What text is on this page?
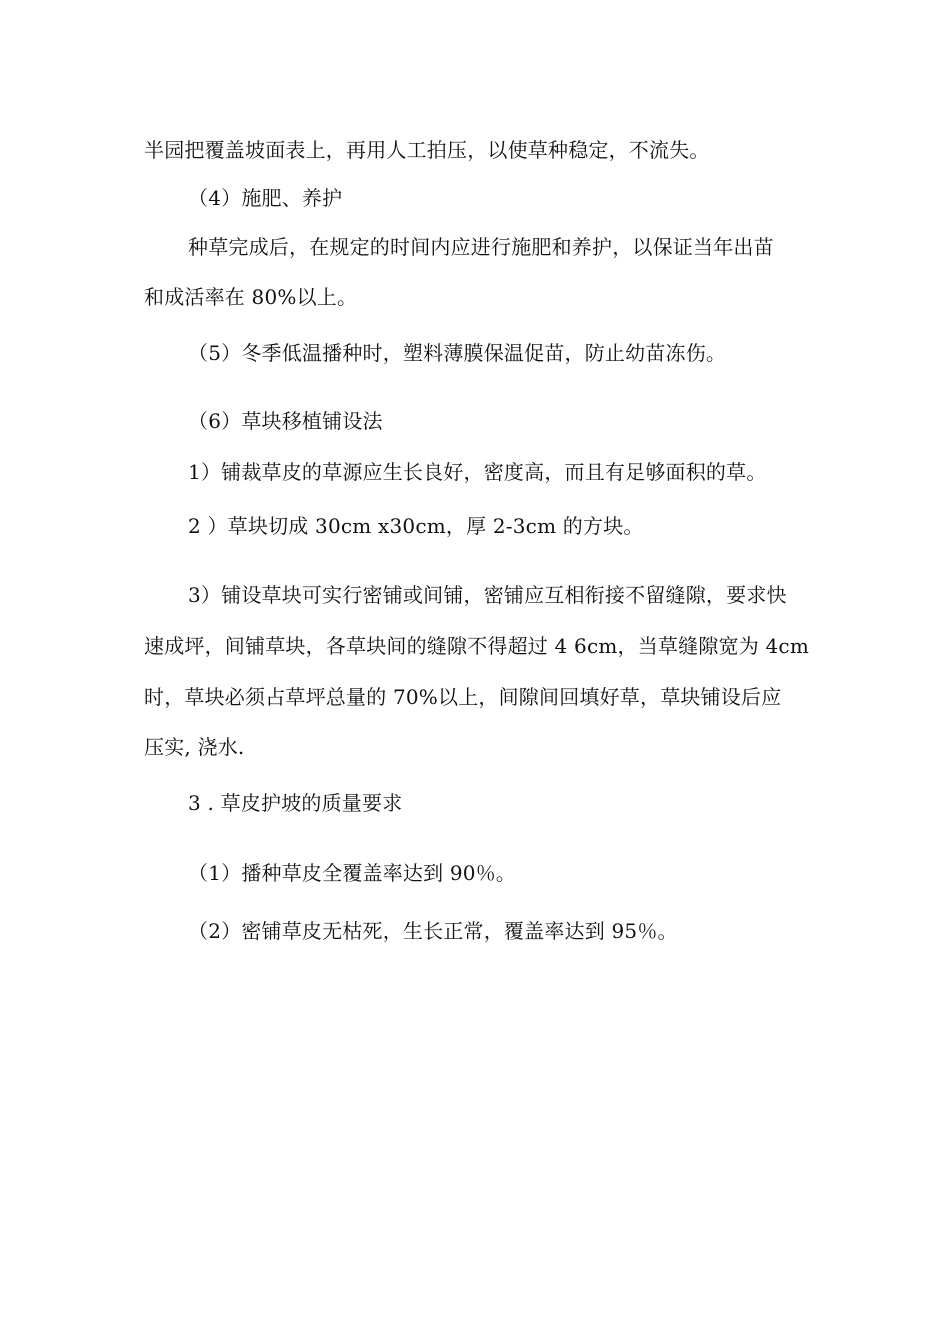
半园把覆盖坡面表上，再用人工拍压，以使草种稳定，不流失。
（4）施肥、养护
种草完成后，在规定的时间内应进行施肥和养护，以保证当年出苗
和成活率在 80%以上。
（5）冬季低温播种时，塑料薄膜保温促苗，防止幼苗冻伤。
（6）草块移植铺设法
1）铺裁草皮的草源应生长良好，密度高，而且有足够面积的草。
2 ）草块切成 30cm x30cm，厚 2-3cm 的方块。
3）铺设草块可实行密铺或间铺，密铺应互相衔接不留缝隙，要求快
速成坪，间铺草块，各草块间的缝隙不得超过 4 6cm，当草缝隙宽为 4cm
时，草块必须占草坪总量的 70%以上，间隙间回填好草，草块铺设后应
压实, 浇水.
3 . 草皮护坡的质量要求
（1）播种草皮全覆盖率达到 90％。
（2）密铺草皮无枯死，生长正常，覆盖率达到 95％。
